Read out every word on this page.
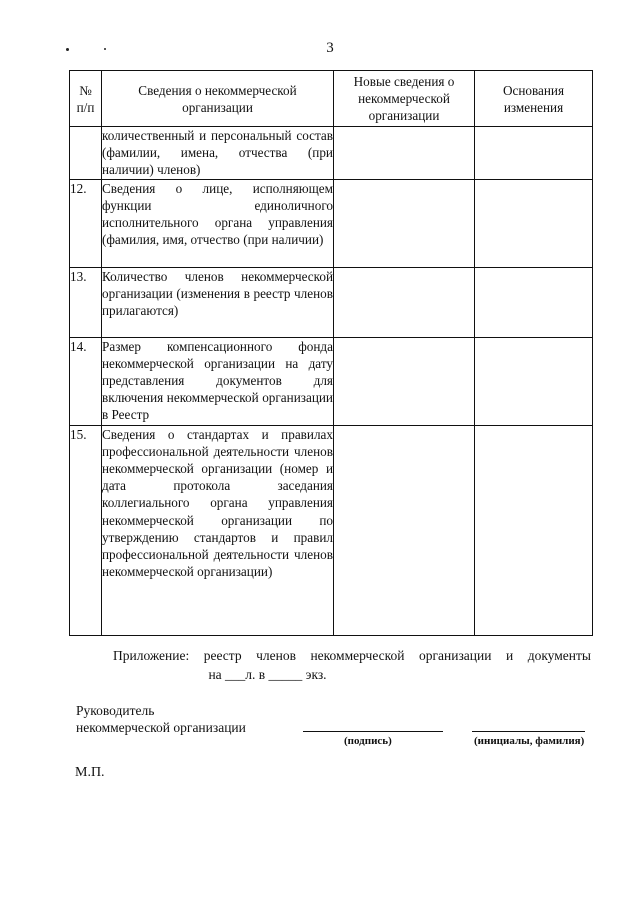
3
№ п/п	Сведения о некоммерческой организации	Новые сведения о некоммерческой организации	Основания изменения
	количественный и персональный состав (фамилии, имена, отчества (при наличии) членов)		
12.	Сведения о лице, исполняющем функции единоличного исполнительного органа управления (фамилия, имя, отчество (при наличии)		
13.	Количество членов некоммерческой организации (изменения в реестр членов прилагаются)		
14.	Размер компенсационного фонда некоммерческой организации на дату представления документов для включения некоммерческой организации в Реестр		
15.	Сведения о стандартах и правилах профессиональной деятельности членов некоммерческой организации (номер и дата протокола заседания коллегиального органа управления некоммерческой организации по утверждению стандартов и правил профессиональной деятельности членов некоммерческой организации)		
Приложение: реестр членов некоммерческой организации и документы
на ___л. в _____ экз.
Руководитель
некоммерческой организации
(подпись)	(инициалы, фамилия)
М.П.
